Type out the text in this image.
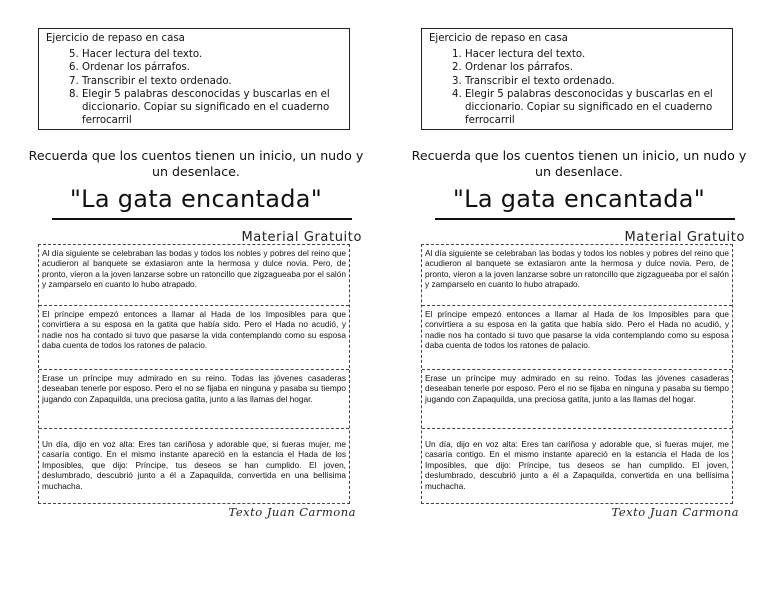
Ejercicio de repaso en casa
5. Hacer lectura del texto.
6. Ordenar los párrafos.
7. Transcribir el texto ordenado.
8. Elegir 5 palabras desconocidas y buscarlas en el diccionario. Copiar su significado en el cuaderno ferrocarril
Recuerda que los cuentos tienen un inicio, un nudo y un desenlace.
"La gata encantada"
Material Gratuito
Al día siguiente se celebraban las bodas y todos los nobles y pobres del reino que acudieron al banquete se extasiaron ante la hermosa y dulce novia. Pero, de pronto, vieron a la joven lanzarse sobre un ratoncillo que zigzagueaba por el salón y zamparselo en cuanto lo hubo atrapado.
El príncipe empezó entonces a llamar al Hada de los Imposibles para que convirtiera a su esposa en la gatita que había sido. Pero el Hada no acudió, y nadie nos ha contado si tuvo que pasarse la vida contemplando como su esposa daba cuenta de todos los ratones de palacio.
Erase un príncipe muy admirado en su reino. Todas las jóvenes casaderas deseaban tenerle por esposo. Pero el no se fijaba en ninguna y pasaba su tiempo jugando con Zapaquilda, una preciosa gatita, junto a las llamas del hogar.
Un día, dijo en voz alta: Eres tan cariñosa y adorable que, si fueras mujer, me casaría contigo. En el mismo instante apareció en la estancia el Hada de los Imposibles, que dijo: Príncipe, tus deseos se han cumplido. El joven, deslumbrado, descubrió junto a él a Zapaquilda, convertida en una bellísima muchacha.
Texto Juan Carmona
Ejercicio de repaso en casa
1. Hacer lectura del texto.
2. Ordenar los párrafos.
3. Transcribir el texto ordenado.
4. Elegir 5 palabras desconocidas y buscarlas en el diccionario. Copiar su significado en el cuaderno ferrocarril
Recuerda que los cuentos tienen un inicio, un nudo y un desenlace.
"La gata encantada"
Material Gratuito
Al día siguiente se celebraban las bodas y todos los nobles y pobres del reino que acudieron al banquete se extasiaron ante la hermosa y dulce novia. Pero, de pronto, vieron a la joven lanzarse sobre un ratoncillo que zigzagueaba por el salón y zamparselo en cuanto lo hubo atrapado.
El príncipe empezó entonces a llamar al Hada de los Imposibles para que convirtiera a su esposa en la gatita que había sido. Pero el Hada no acudió, y nadie nos ha contado si tuvo que pasarse la vida contemplando como su esposa daba cuenta de todos los ratones de palacio.
Erase un príncipe muy admirado en su reino. Todas las jóvenes casaderas deseaban tenerle por esposo. Pero el no se fijaba en ninguna y pasaba su tiempo jugando con Zapaquilda, una preciosa gatita, junto a las llamas del hogar.
Un día, dijo en voz alta: Eres tan cariñosa y adorable que, si fueras mujer, me casaría contigo. En el mismo instante apareció en la estancia el Hada de los Imposibles, que dijo: Príncipe, tus deseos se han cumplido. El joven, deslumbrado, descubrió junto a él a Zapaquilda, convertida en una bellísima muchacha.
Texto Juan Carmona
